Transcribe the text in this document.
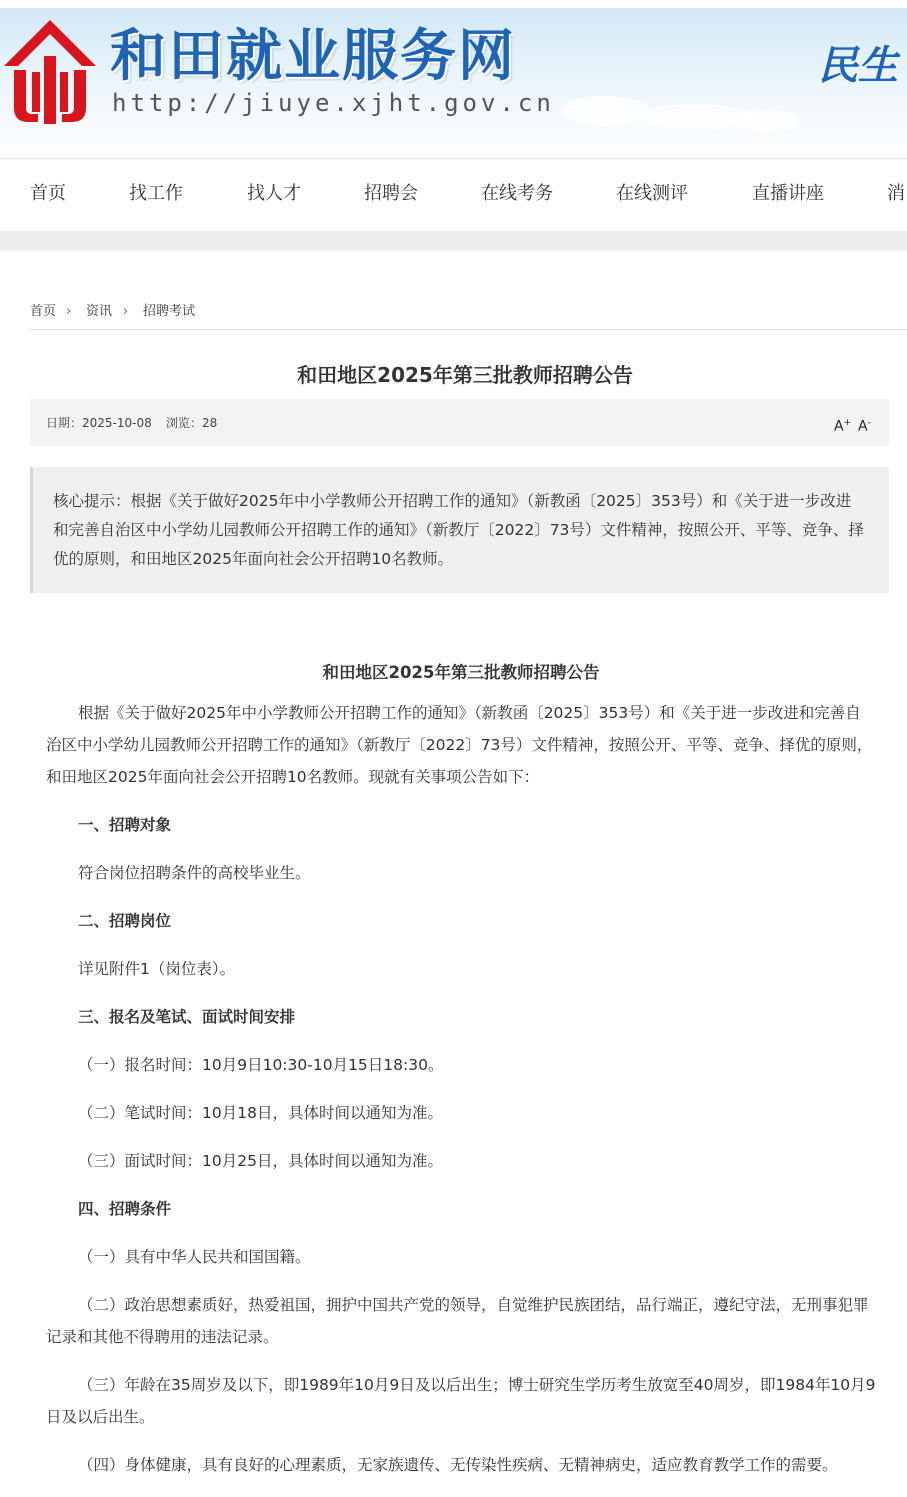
和田就业服务网
http://jiuye.xjht.gov.cn
民生
首页	找工作	找人才	招聘会	在线考务	在线测评	直播讲座	消
首页 › 资讯 › 招聘考试
和田地区2025年第三批教师招聘公告
日期：2025-10-08 浏览：28	A+ A-
核心提示：根据《关于做好2025年中小学教师公开招聘工作的通知》（新教函〔2025〕353号）和《关于进一步改进和完善自治区中小学幼儿园教师公开招聘工作的通知》（新教厅〔2022〕73号）文件精神，按照公开、平等、竞争、择优的原则，和田地区2025年面向社会公开招聘10名教师。
和田地区2025年第三批教师招聘公告

根据《关于做好2025年中小学教师公开招聘工作的通知》（新教函〔2025〕353号）和《关于进一步改进和完善自治区中小学幼儿园教师公开招聘工作的通知》（新教厅〔2022〕73号）文件精神，按照公开、平等、竞争、择优的原则，和田地区2025年面向社会公开招聘10名教师。现就有关事项公告如下：

一、招聘对象

符合岗位招聘条件的高校毕业生。

二、招聘岗位

详见附件1（岗位表）。

三、报名及笔试、面试时间安排

（一）报名时间：10月9日10:30-10月15日18:30。

（二）笔试时间：10月18日，具体时间以通知为准。

（三）面试时间：10月25日，具体时间以通知为准。

四、招聘条件

（一）具有中华人民共和国国籍。

（二）政治思想素质好，热爱祖国，拥护中国共产党的领导，自觉维护民族团结，品行端正，遵纪守法，无刑事犯罪记录和其他不得聘用的违法记录。

（三）年龄在35周岁及以下，即1989年10月9日及以后出生；博士研究生学历考生放宽至40周岁，即1984年10月9日及以后出生。

（四）身体健康，具有良好的心理素质，无家族遗传、无传染性疾病、无精神病史，适应教育教学工作的需要。
